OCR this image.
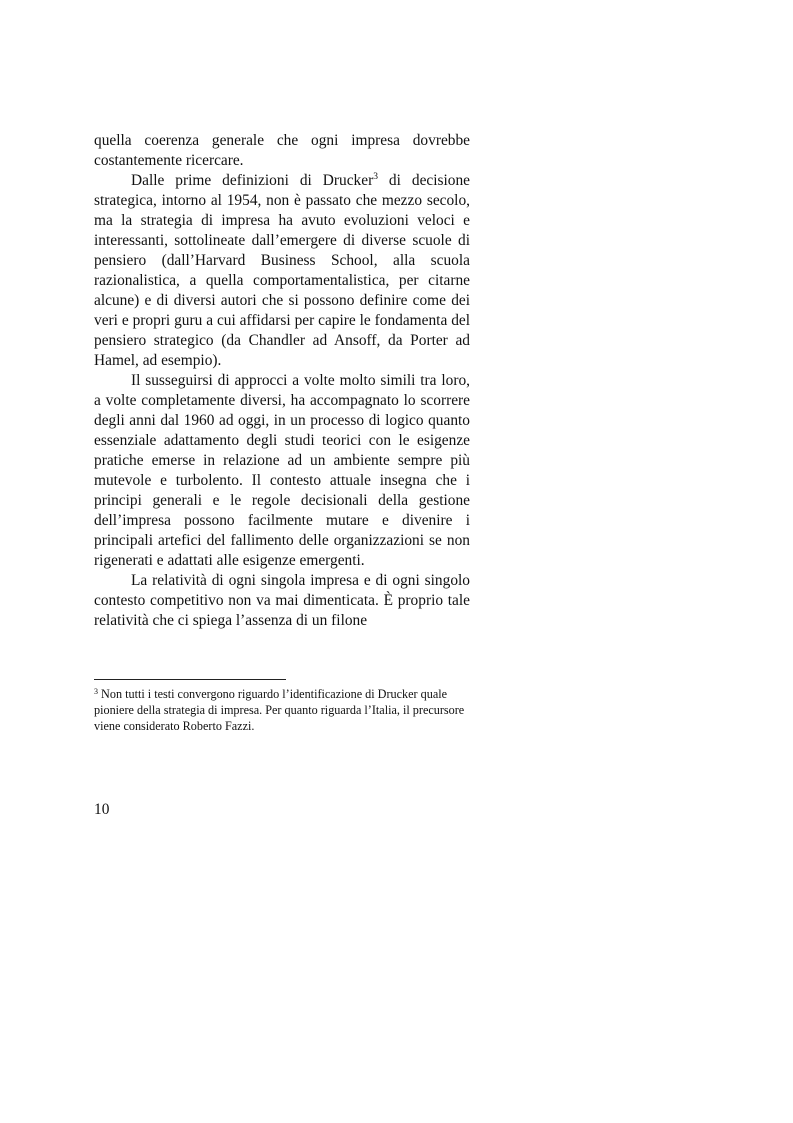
quella coerenza generale che ogni impresa dovrebbe costantemente ricercare.

Dalle prime definizioni di Drucker$^3$ di decisione strategica, intorno al 1954, non è passato che mezzo secolo, ma la strategia di impresa ha avuto evoluzioni veloci e interessanti, sottolineate dall’emergere di diverse scuole di pensiero (dall’Harvard Business School, alla scuola razionalistica, a quella comportamentalistica, per citarne alcune) e di diversi autori che si possono definire come dei veri e propri guru a cui affidarsi per capire le fondamenta del pensiero strategico (da Chandler ad Ansoff, da Porter ad Hamel, ad esempio).

Il susseguirsi di approcci a volte molto simili tra loro, a volte completamente diversi, ha accompagnato lo scorrere degli anni dal 1960 ad oggi, in un processo di logico quanto essenziale adattamento degli studi teorici con le esigenze pratiche emerse in relazione ad un ambiente sempre più mutevole e turbolento. Il contesto attuale insegna che i principi generali e le regole decisionali della gestione dell’impresa possono facilmente mutare e divenire i principali artefici del fallimento delle organizzazioni se non rigenerati e adattati alle esigenze emergenti.

La relatività di ogni singola impresa e di ogni singolo contesto competitivo non va mai dimenticata. È proprio tale relatività che ci spiega l’assenza di un filone

$^3$ Non tutti i testi convergono riguardo l’identificazione di Drucker quale pioniere della strategia di impresa. Per quanto riguarda l’Italia, il precursore viene considerato Roberto Fazzi.
10
